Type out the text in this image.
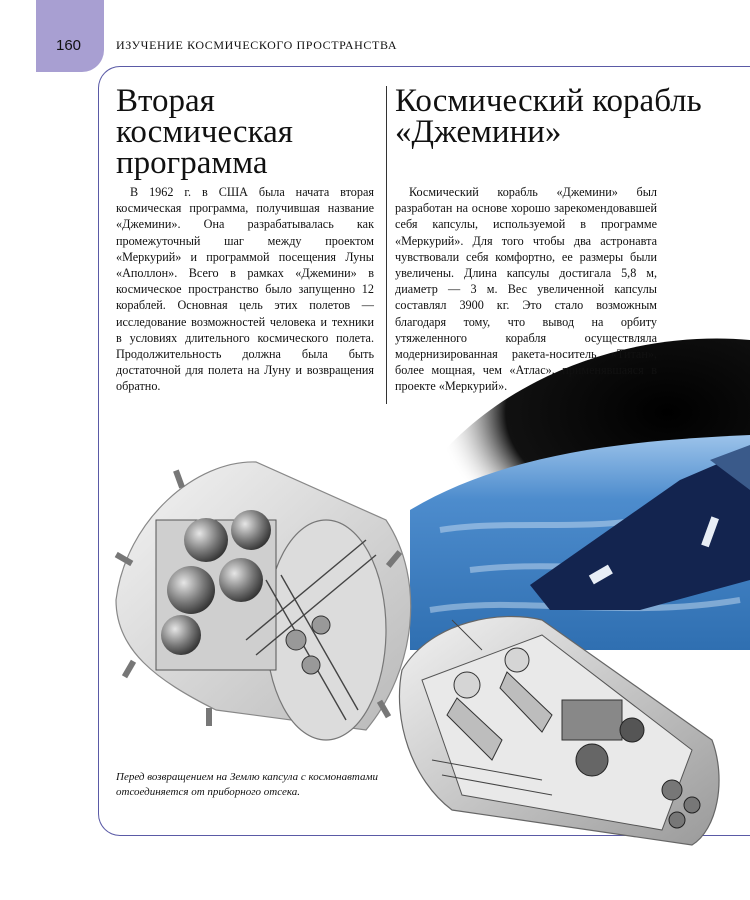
160	ИЗУЧЕНИЕ КОСМИЧЕСКОГО ПРОСТРАНСТВА
Вторая космическая программа
Космический корабль «Джемини»

В 1962 г. в США была начата вторая космическая программа, получившая название «Джемини». Она разрабатывалась как промежуточный шаг между проектом «Меркурий» и программой посещения Луны «Аполлон». Всего в рамках «Джемини» в космическое пространство было запущенно 12 кораблей. Основная цель этих полетов — исследование возможностей человека и техники в условиях длительного космического полета. Продолжительность должна была быть достаточной для полета на Луну и возвращения обратно.

Космический корабль «Джемини» был разработан на основе хорошо зарекомендовавшей себя капсулы, используемой в программе «Меркурий». Для того чтобы два астронавта чувствовали себя комфортно, ее размеры были увеличены. Длина капсулы достигала 5,8 м, диаметр — 3 м. Вес увеличенной капсулы составлял 3900 кг. Это стало возможным благодаря тому, что вывод на орбиту утяжеленного корабля осуществляла модернизированная ракета-носитель «Титан», более мощная, чем «Атлас», применявшаяся в проекте «Меркурий».

Перед возвращением на Землю капсула с космонавтами отсоединяется от приборного отсека.
